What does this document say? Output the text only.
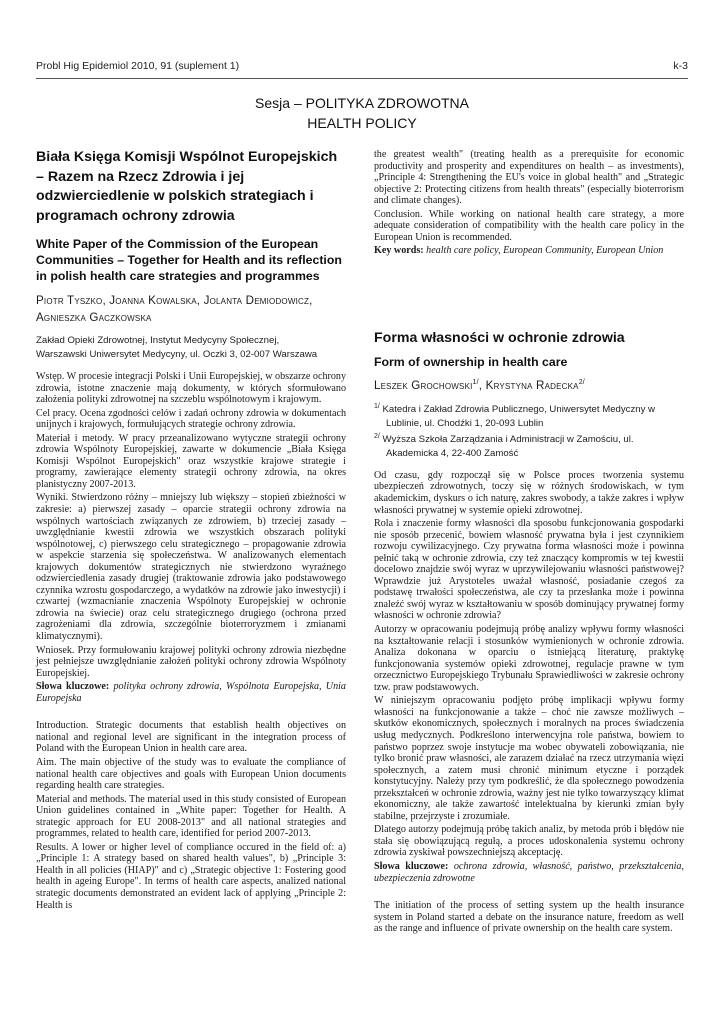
Probl Hig Epidemiol 2010, 91 (suplement 1)	k-3
Sesja – POLITYKA ZDROWOTNA
HEALTH POLICY
Biała Księga Komisji Wspólnot Europejskich – Razem na Rzecz Zdrowia i jej odzwierciedlenie w polskich strategiach i programach ochrony zdrowia
White Paper of the Commission of the European Communities – Together for Health and its reflection in polish health care strategies and programmes
Piotr Tyszko, Joanna Kowalska, Jolanta Demiodowicz, Agnieszka Gaczkowska
Zakład Opieki Zdrowotnej, Instytut Medycyny Społecznej,
Warszawski Uniwersytet Medycyny, ul. Oczki 3, 02-007 Warszawa

Wstęp. W procesie integracji Polski i Unii Europejskiej, w obszarze ochrony zdrowia, istotne znaczenie mają dokumenty, w których sformułowano założenia polityki zdrowotnej na szczeblu wspólnotowym i krajowym.

Cel pracy. Ocena zgodności celów i zadań ochrony zdrowia w dokumentach unijnych i krajowych, formułujących strategie ochrony zdrowia.

Materiał i metody. W pracy przeanalizowano wytyczne strategii ochrony zdrowia Wspólnoty Europejskiej, zawarte w dokumencie „Biała Księga Komisji Wspólnot Europejskich" oraz wszystkie krajowe strategie i programy, zawierające elementy strategii ochrony zdrowia, na okres planistyczny 2007-2013.

Wyniki. Stwierdzono różny – mniejszy lub większy – stopień zbieżności w zakresie: a) pierwszej zasady – oparcie strategii ochrony zdrowia na wspólnych wartościach związanych ze zdrowiem, b) trzeciej zasady – uwzględnianie kwestii zdrowia we wszystkich obszarach polityki wspólnotowej, c) pierwszego celu strategicznego – propagowanie zdrowia w aspekcie starzenia się społeczeństwa. W analizowanych elementach krajowych dokumentów strategicznych nie stwierdzono wyraźnego odzwierciedlenia zasady drugiej (traktowanie zdrowia jako podstawowego czynnika wzrostu gospodarczego, a wydatków na zdrowie jako inwestycji) i czwartej (wzmacnianie znaczenia Wspólnoty Europejskiej w ochronie zdrowia na świecie) oraz celu strategicznego drugiego (ochrona przed zagrożeniami dla zdrowia, szczególnie bioterroryzmem i zmianami klimatycznymi).

Wniosek. Przy formułowaniu krajowej polityki ochrony zdrowia niezbędne jest pełniejsze uwzględnianie założeń polityki ochrony zdrowia Wspólnoty Europejskiej.

Słowa kluczowe: polityka ochrony zdrowia, Wspólnota Europejska, Unia Europejska

Introduction. Strategic documents that establish health objectives on national and regional level are significant in the integration process of Poland with the European Union in health care area.

Aim. The main objective of the study was to evaluate the compliance of national health care objectives and goals with European Union documents regarding health care strategies.

Material and methods. The material used in this study consisted of European Union guidelines contained in „White paper: Together for Health. A strategic approach for EU 2008-2013" and all national strategies and programmes, related to health care, identified for period 2007-2013.

Results. A lower or higher level of compliance occured in the field of: a) „Principle 1: A strategy based on shared health values", b) „Principle 3: Health in all policies (HIAP)" and c) „Strategic objective 1: Fostering good health in ageing Europe". In terms of health care aspects, analized national strategic documents demonstrated an evident lack of applying „Principle 2: Health is

the greatest wealth" (treating health as a prerequisite for economic productivity and prosperity and expenditures on health – as investments), „Principle 4: Strengthening the EU's voice in global health" and „Strategic objective 2: Protecting citizens from health threats" (especially bioterrorism and climate changes).

Conclusion. While working on national health care strategy, a more adequate consideration of compatibility with the health care policy in the European Union is recommended.

Key words: health care policy, European Community, European Union

Forma własności w ochronie zdrowia
Form of ownership in health care
Leszek Grochowski$^{1/}$, Krystyna Radecka$^{2/}$
$^{1/}$ Katedra i Zakład Zdrowia Publicznego, Uniwersytet Medyczny w Lublinie, ul. Chodźki 1, 20-093 Lublin
$^{2/}$ Wyższa Szkoła Zarządzania i Administracji w Zamościu, ul. Akademicka 4, 22-400 Zamość

Od czasu, gdy rozpoczął się w Polsce proces tworzenia systemu ubezpieczeń zdrowotnych, toczy się w różnych środowiskach, w tym akademickim, dyskurs o ich naturę, zakres swobody, a także zakres i wpływ własności prywatnej w systemie opieki zdrowotnej.

Rola i znaczenie formy własności dla sposobu funkcjonowania gospodarki nie sposób przecenić, bowiem własność prywatna była i jest czynnikiem rozwoju cywilizacyjnego. Czy prywatna forma własności może i powinna pełnić taką w ochronie zdrowia, czy też znaczący kompromis w tej kwestii docelowo znajdzie swój wyraz w uprzywilejowaniu własności państwowej? Wprawdzie już Arystoteles uważał własność, posiadanie czegoś za podstawę trwałości społeczeństwa, ale czy ta przesłanka może i powinna znaleźć swój wyraz w kształtowaniu w sposób dominujący prywatnej formy własności w ochronie zdrowia?

Autorzy w opracowaniu podejmują próbę analizy wpływu formy własności na kształtowanie relacji i stosunków wymienionych w ochronie zdrowia. Analiza dokonana w oparciu o istniejącą literaturę, praktykę funkcjonowania systemów opieki zdrowotnej, regulacje prawne w tym orzecznictwo Europejskiego Trybunału Sprawiedliwości w zakresie ochrony tzw. praw podstawowych.

W niniejszym opracowaniu podjęto próbę implikacji wpływu formy własności na funkcjonowanie a także – choć nie zawsze możliwych – skutków ekonomicznych, społecznych i moralnych na proces świadczenia usług medycznych. Podkreślono interwencyjna role państwa, bowiem to państwo poprzez swoje instytucje ma wobec obywateli zobowiązania, nie tylko bronić praw własności, ale zarazem działać na rzecz utrzymania więzi społecznych, a zatem musi chronić minimum etyczne i porządek konstytucyjny. Należy przy tym podkreślić, że dla społecznego powodzenia przekształceń w ochronie zdrowia, ważny jest nie tylko towarzyszący klimat ekonomiczny, ale także zawartość intelektualna by kierunki zmian były stabilne, przejrzyste i zrozumiałe.

Dlatego autorzy podejmują próbę takich analiz, by metoda prób i błędów nie stała się obowiązującą regułą, a proces udoskonalenia systemu ochrony zdrowia zyskiwał powszechniejszą akceptację.

Słowa kluczowe: ochrona zdrowia, własność, państwo, przekształcenia, ubezpieczenia zdrowotne

The initiation of the process of setting system up the health insurance system in Poland started a debate on the insurance nature, freedom as well as the range and influence of private ownership on the health care system.
